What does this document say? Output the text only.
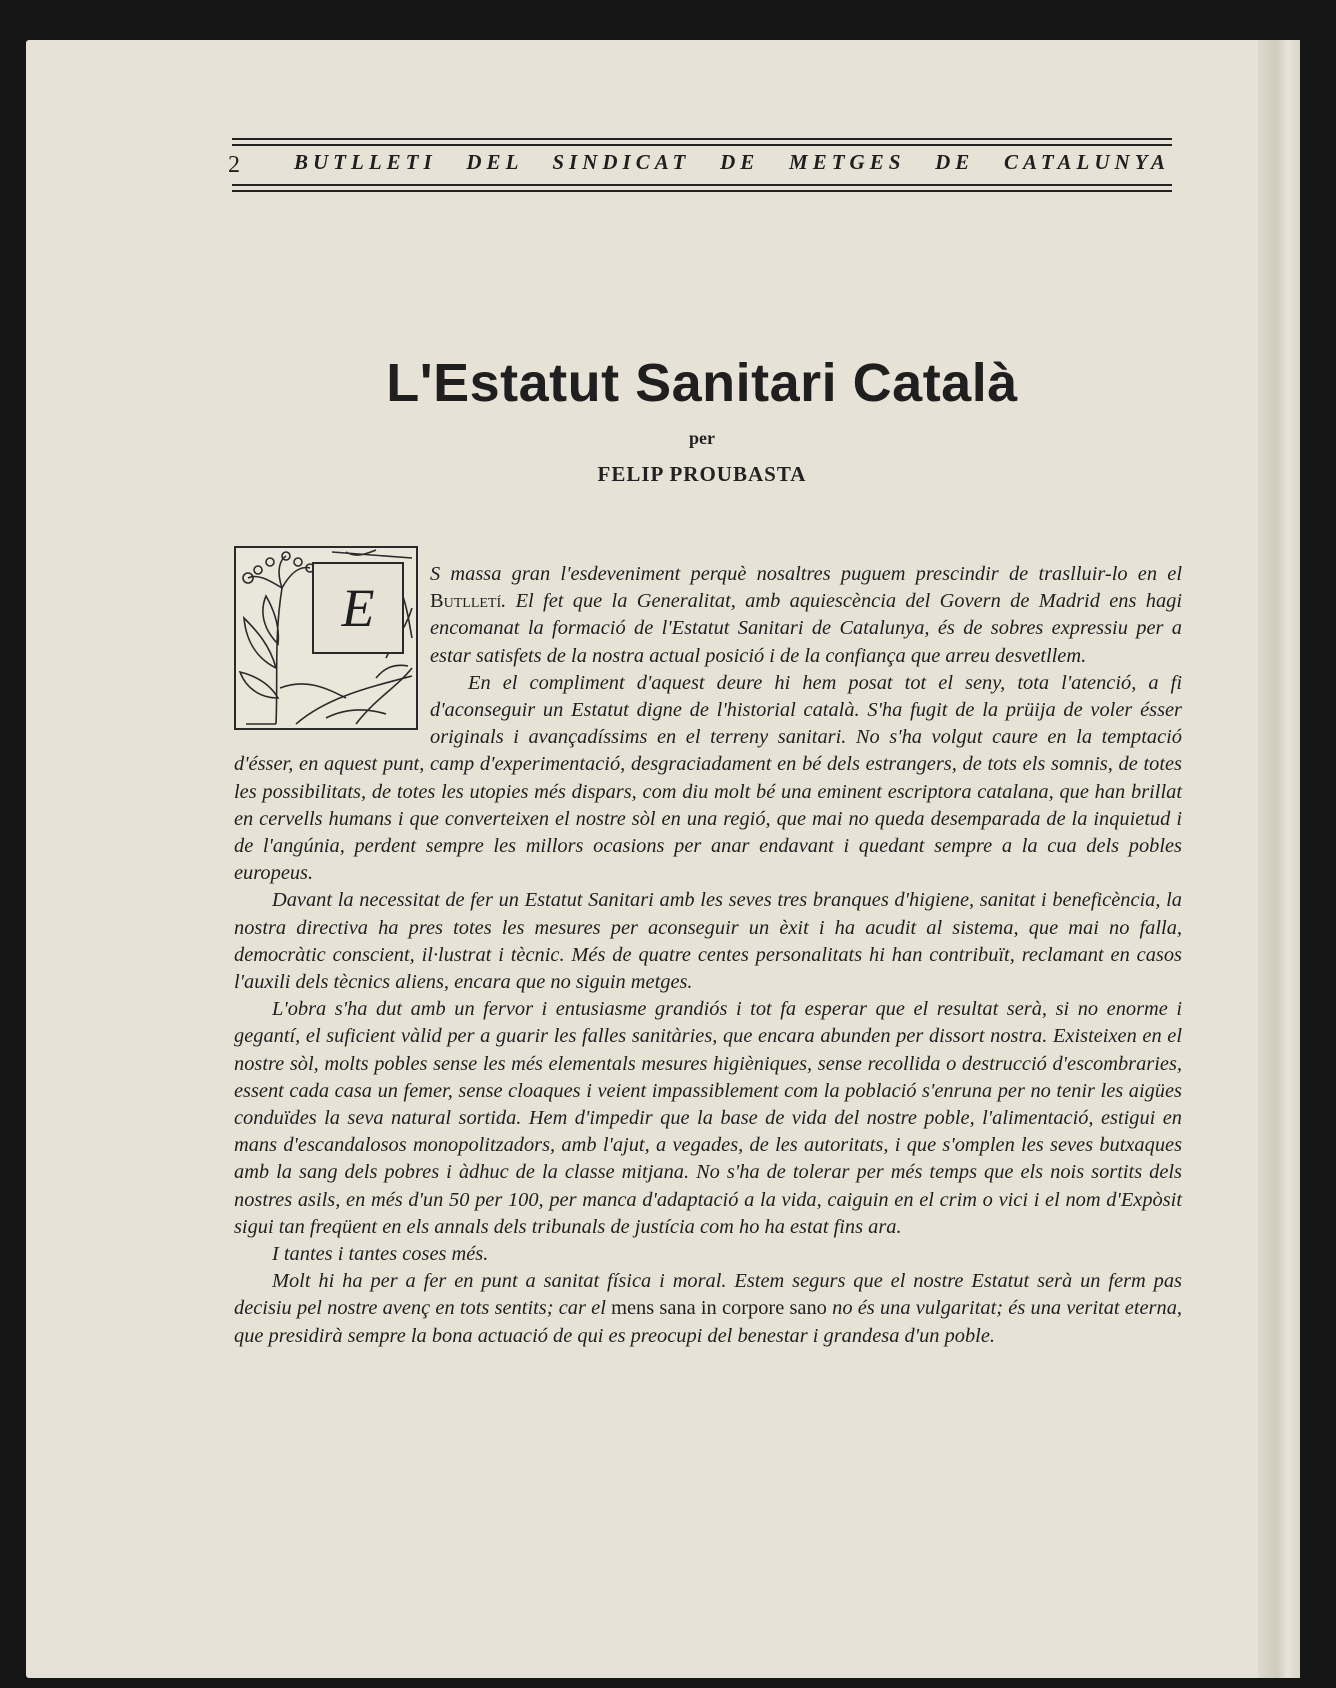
2	BUTLLETI DEL SINDICAT DE METGES DE CATALUNYA
L'Estatut Sanitari Català
per
FELIP PROUBASTA
E

S massa gran l'esdeveniment perquè nosaltres puguem prescindir de traslluir-lo en el Butlletí. El fet que la Generalitat, amb aquiescència del Govern de Madrid ens hagi encomanat la formació de l'Estatut Sanitari de Catalunya, és de sobres expressiu per a estar satisfets de la nostra actual posició i de la confiança que arreu desvetllem.

En el compliment d'aquest deure hi hem posat tot el seny, tota l'atenció, a fi d'aconseguir un Estatut digne de l'historial català. S'ha fugit de la prüija de voler ésser originals i avançadíssims en el terreny sanitari. No s'ha volgut caure en la temptació d'ésser, en aquest punt, camp d'experimentació, desgraciadament en bé dels estrangers, de tots els somnis, de totes les possibilitats, de totes les utopies més dispars, com diu molt bé una eminent escriptora catalana, que han brillat en cervells humans i que converteixen el nostre sòl en una regió, que mai no queda desemparada de la inquietud i de l'angúnia, perdent sempre les millors ocasions per anar endavant i quedant sempre a la cua dels pobles europeus.

Davant la necessitat de fer un Estatut Sanitari amb les seves tres branques d'higiene, sanitat i beneficència, la nostra directiva ha pres totes les mesures per aconseguir un èxit i ha acudit al sistema, que mai no falla, democràtic conscient, il·lustrat i tècnic. Més de quatre centes personalitats hi han contribuït, reclamant en casos l'auxili dels tècnics aliens, encara que no siguin metges.

L'obra s'ha dut amb un fervor i entusiasme grandiós i tot fa esperar que el resultat serà, si no enorme i gegantí, el suficient vàlid per a guarir les falles sanitàries, que encara abunden per dissort nostra. Existeixen en el nostre sòl, molts pobles sense les més elementals mesures higièniques, sense recollida o destrucció d'escombraries, essent cada casa un femer, sense cloaques i veient impassiblement com la població s'enruna per no tenir les aigües conduïdes la seva natural sortida. Hem d'impedir que la base de vida del nostre poble, l'alimentació, estigui en mans d'escandalosos monopolitzadors, amb l'ajut, a vegades, de les autoritats, i que s'omplen les seves butxaques amb la sang dels pobres i àdhuc de la classe mitjana. No s'ha de tolerar per més temps que els nois sortits dels nostres asils, en més d'un 50 per 100, per manca d'adaptació a la vida, caiguin en el crim o vici i el nom d'Expòsit sigui tan freqüent en els annals dels tribunals de justícia com ho ha estat fins ara.

I tantes i tantes coses més.

Molt hi ha per a fer en punt a sanitat física i moral. Estem segurs que el nostre Estatut serà un ferm pas decisiu pel nostre avenç en tots sentits; car el mens sana in corpore sano no és una vulgaritat; és una veritat eterna, que presidirà sempre la bona actuació de qui es preocupi del benestar i grandesa d'un poble.
